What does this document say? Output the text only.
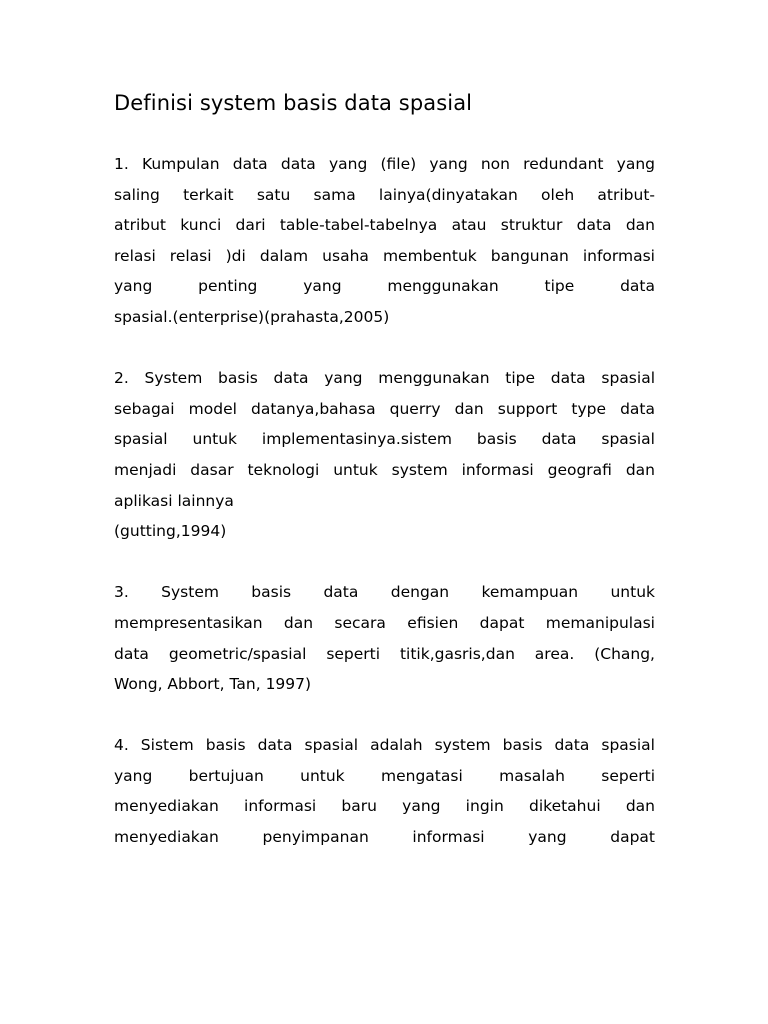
Definisi system basis data spasial
1. Kumpulan data data yang (file) yang non redundant yang
saling terkait satu sama lainya(dinyatakan oleh atribut-
atribut kunci dari table-tabel-tabelnya atau struktur data dan
relasi relasi )di dalam usaha membentuk bangunan informasi
yang penting yang menggunakan tipe data
spasial.(enterprise)(prahasta,2005)
2. System basis data yang menggunakan tipe data spasial
sebagai model datanya,bahasa querry dan support type data
spasial untuk implementasinya.sistem basis data spasial
menjadi dasar teknologi untuk system informasi geografi dan
aplikasi lainnya
(gutting,1994)
3. System basis data dengan kemampuan untuk
mempresentasikan dan secara efisien dapat memanipulasi
data geometric/spasial seperti titik,gasris,dan area. (Chang,
Wong, Abbort, Tan, 1997)
4. Sistem basis data spasial adalah system basis data spasial
yang bertujuan untuk mengatasi masalah seperti
menyediakan informasi baru yang ingin diketahui dan
menyediakan penyimpanan informasi yang dapat
